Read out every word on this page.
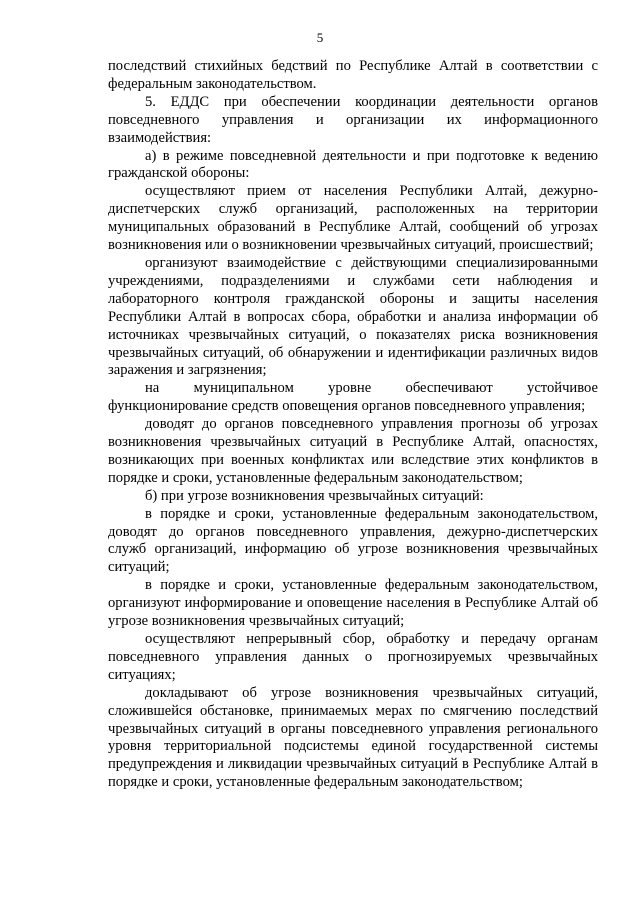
5

последствий стихийных бедствий по Республике Алтай в соответствии с федеральным законодательством.

5. ЕДДС при обеспечении координации деятельности органов повседневного управления и организации их информационного взаимодействия:

а) в режиме повседневной деятельности и при подготовке к ведению гражданской обороны:

осуществляют прием от населения Республики Алтай, дежурно-диспетчерских служб организаций, расположенных на территории муниципальных образований в Республике Алтай, сообщений об угрозах возникновения или о возникновении чрезвычайных ситуаций, происшествий;

организуют взаимодействие с действующими специализированными учреждениями, подразделениями и службами сети наблюдения и лабораторного контроля гражданской обороны и защиты населения Республики Алтай в вопросах сбора, обработки и анализа информации об источниках чрезвычайных ситуаций, о показателях риска возникновения чрезвычайных ситуаций, об обнаружении и идентификации различных видов заражения и загрязнения;

на муниципальном уровне обеспечивают устойчивое функционирование средств оповещения органов повседневного управления;

доводят до органов повседневного управления прогнозы об угрозах возникновения чрезвычайных ситуаций в Республике Алтай, опасностях, возникающих при военных конфликтах или вследствие этих конфликтов в порядке и сроки, установленные федеральным законодательством;

б) при угрозе возникновения чрезвычайных ситуаций:

в порядке и сроки, установленные федеральным законодательством, доводят до органов повседневного управления, дежурно-диспетчерских служб организаций, информацию об угрозе возникновения чрезвычайных ситуаций;

в порядке и сроки, установленные федеральным законодательством, организуют информирование и оповещение населения в Республике Алтай об угрозе возникновения чрезвычайных ситуаций;

осуществляют непрерывный сбор, обработку и передачу органам повседневного управления данных о прогнозируемых чрезвычайных ситуациях;

докладывают об угрозе возникновения чрезвычайных ситуаций, сложившейся обстановке, принимаемых мерах по смягчению последствий чрезвычайных ситуаций в органы повседневного управления регионального уровня территориальной подсистемы единой государственной системы предупреждения и ликвидации чрезвычайных ситуаций в Республике Алтай в порядке и сроки, установленные федеральным законодательством;
